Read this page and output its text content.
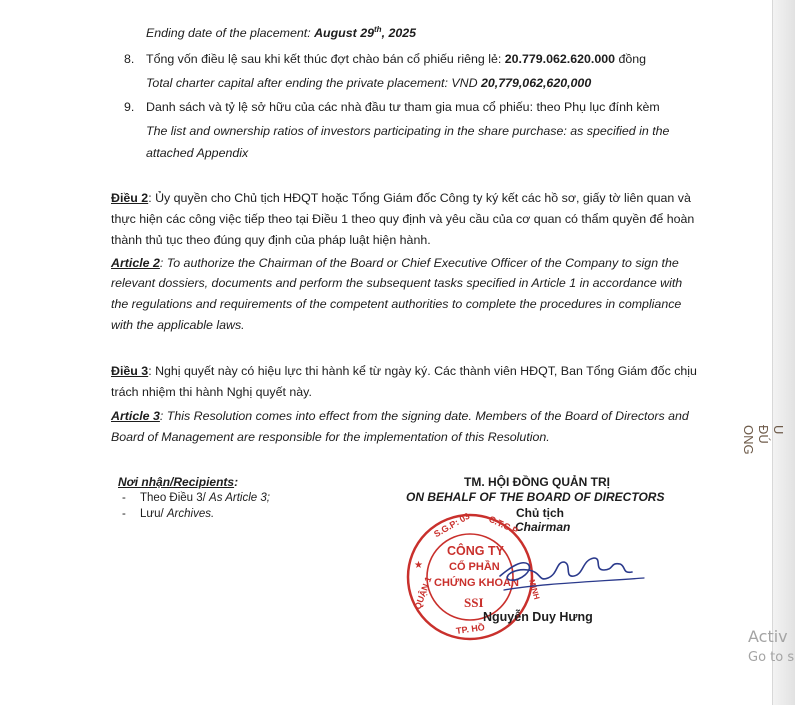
Ending date of the placement: August 29th, 2025
8. Tổng vốn điều lệ sau khi kết thúc đợt chào bán cổ phiếu riêng lẻ: 20.779.062.620.000 đồng
Total charter capital after ending the private placement: VND 20,779,062,620,000
9. Danh sách và tỷ lệ sở hữu của các nhà đầu tư tham gia mua cổ phiếu: theo Phụ lục đính kèm
The list and ownership ratios of investors participating in the share purchase: as specified in the
attached Appendix
Điều 2: Ủy quyền cho Chủ tịch HĐQT hoặc Tổng Giám đốc Công ty ký kết các hồ sơ, giấy tờ liên quan và
thực hiện các công việc tiếp theo tại Điều 1 theo quy định và yêu cầu của cơ quan có thẩm quyền để hoàn
thành thủ tục theo đúng quy định của pháp luật hiện hành.
Article 2: To authorize the Chairman of the Board or Chief Executive Officer of the Company to sign the
relevant dossiers, documents and perform the subsequent tasks specified in Article 1 in accordance with
the regulations and requirements of the competent authorities to complete the procedures in compliance
with the applicable laws.
Điều 3: Nghị quyết này có hiệu lực thi hành kể từ ngày ký. Các thành viên HĐQT, Ban Tổng Giám đốc chịu
trách nhiệm thi hành Nghị quyết này.
Article 3: This Resolution comes into effect from the signing date. Members of the Board of Directors and
Board of Management are responsible for the implementation of this Resolution.
Nơi nhận/Recipients:
- Theo Điều 3/ As Article 3;
- Lưu/ Archives.
TM. HỘI ĐỒNG QUẢN TRỊ
ON BEHALF OF THE BOARD OF DIRECTORS
Chủ tịch
Chairman
S.G.P: 03 C.T.C.P
MINH
QUẬN 1
TP. HỒ
★
CÔNG TY
CỔ PHẦN
CHỨNG KHOÁN
SSI
Nguyễn Duy Hưng
U ĐÚ ONG
Activ
Go to s
